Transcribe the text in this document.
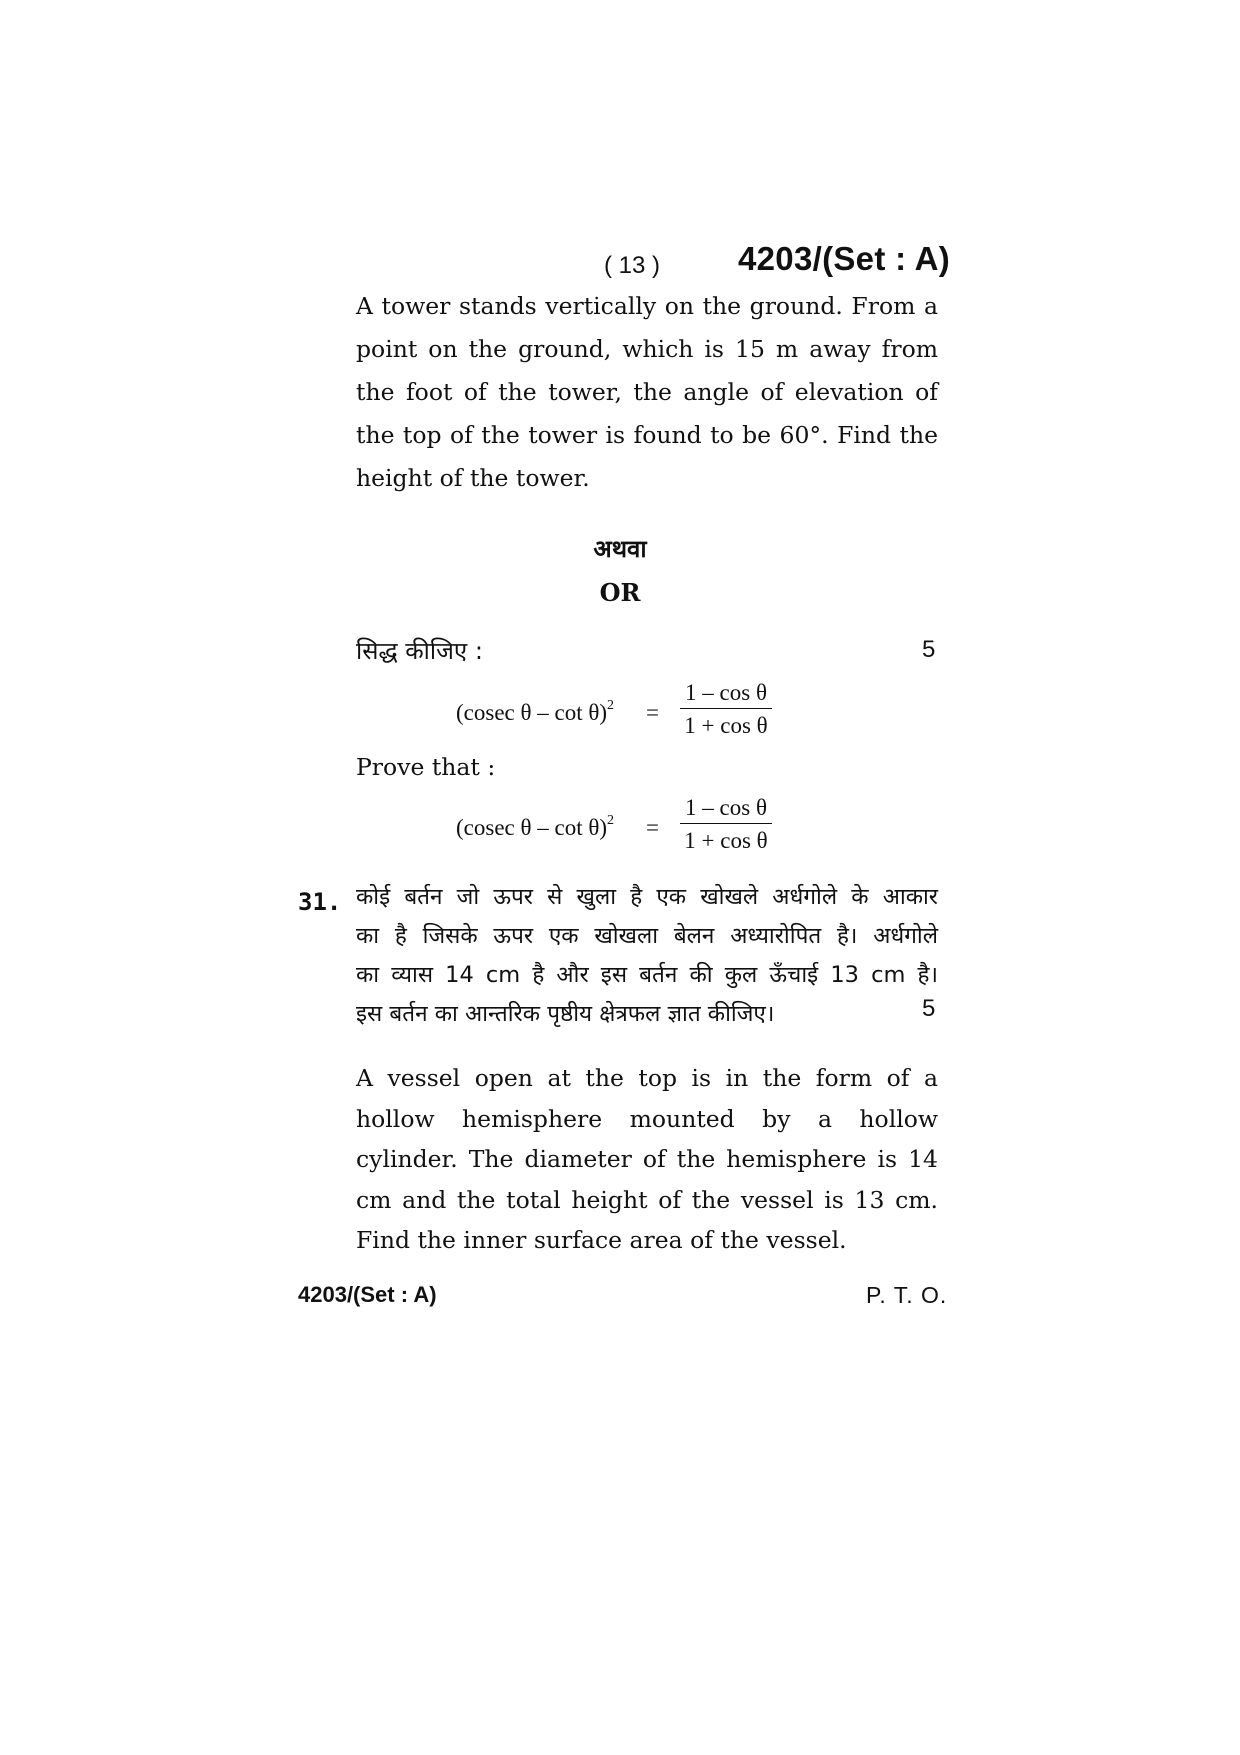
( 13 ) 4203/(Set : A)
A tower stands vertically on the ground. From a point on the ground, which is 15 m away from the foot of the tower, the angle of elevation of the top of the tower is found to be 60°. Find the height of the tower.
अथवा
OR
सिद्ध कीजिए :	5
(cosec $\theta - \cot \theta)^2 = \frac{\text{1 – cos θ}}{\text{1 + cos θ}}$
Prove that :
(cosec $\theta - \cot \theta)^2 = \frac{\text{1 – cos θ}}{\text{1 + cos θ}}$
31. कोई बर्तन जो ऊपर से खुला है एक खोखले अर्धगोले के आकार
का है जिसके ऊपर एक खोखला बेलन अध्यारोपित है। अर्धगोले
का व्यास 14 cm है और इस बर्तन की कुल ऊँचाई 13 cm है।
इस बर्तन का आन्तरिक पृष्ठीय क्षेत्रफल ज्ञात कीजिए।	5
A vessel open at the top is in the form of a hollow hemisphere mounted by a hollow cylinder. The diameter of the hemisphere is 14 cm and the total height of the vessel is 13 cm. Find the inner surface area of the vessel.
4203/(Set : A)	P. T. O.
